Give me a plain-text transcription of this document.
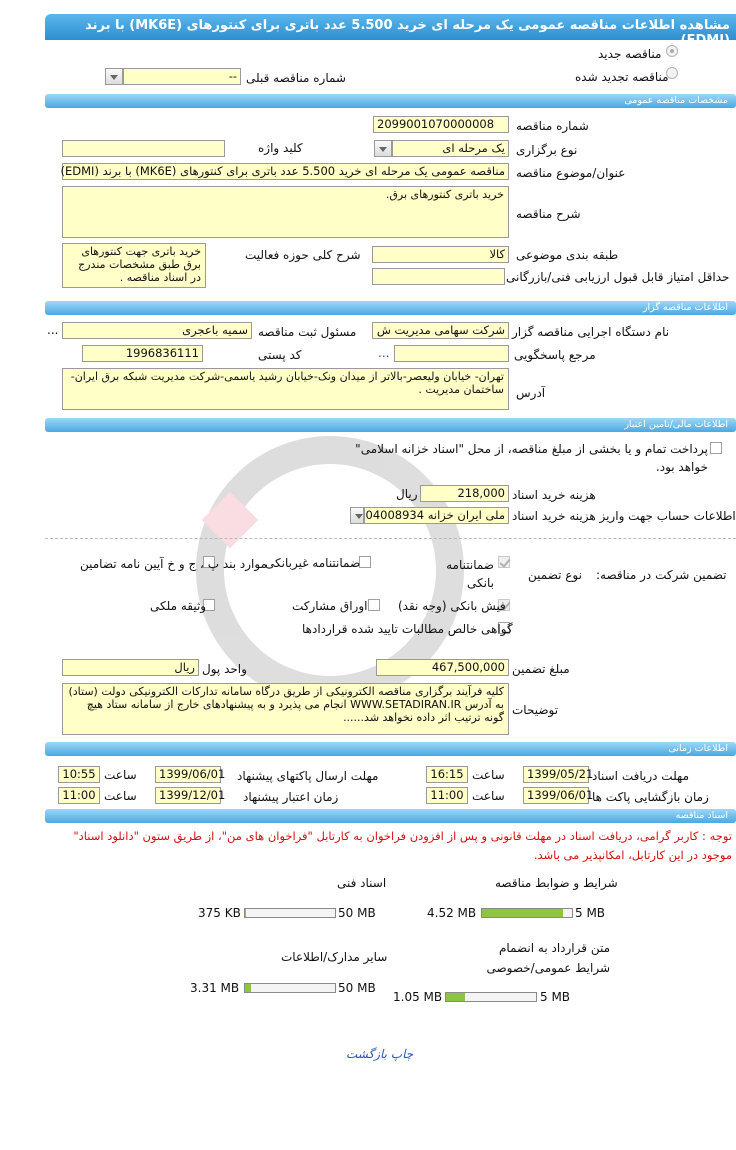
مشاهده اطلاعات مناقصه عمومی یک مرحله ای خرید 5.500 عدد باتری برای کنتورهای (MK6E) با برند (EDMI)
مناقصه جدید
مناقصه تجدید شده
شماره مناقصه قبلی
--
مشخصات مناقصه عمومی
شماره مناقصه
2099001070000008
نوع برگزاری
یک مرحله ای
کلید واژه
عنوان/موضوع مناقصه
مناقصه عمومی یک مرحله ای خرید 5.500 عدد باتری برای کنتورهای (MK6E) با برند (EDMI)
شرح مناقصه
خرید باتری کنتورهای برق.
طبقه بندی موضوعی
کالا
شرح کلی حوزه فعالیت
خرید باتری جهت کنتورهای برق طبق مشخصات مندرج در اسناد مناقصه .	حداقل امتیاز قابل قبول ارزیابی فنی/بازرگانی
اطلاعات مناقصه گزار
نام دستگاه اجرایی مناقصه گزار
شرکت سهامی مدیریت ش
مسئول ثبت مناقصه
سمیه باعجری
...
مرجع پاسخگویی
...
کد پستی
1996836111
آدرس
تهران- خیابان ولیعصر-بالاتر از میدان ونک-خیابان رشید یاسمی-شرکت مدیریت شبکه برق ایران-ساختمان مدیریت .
اطلاعات مالی/تامین اعتبار
پرداخت تمام و یا بخشی از مبلغ مناقصه، از محل "اسناد خزانه اسلامی" خواهد بود.
هزینه خرید اسناد
218,000
ریال
اطلاعات حساب جهت واریز هزینه خرید اسناد
ملی ایران خزانه 04008934
تضمین شرکت در مناقصه:
نوع تضمین
ضمانتنامه بانکی
ضمانتنامه غیربانکی
موارد بند پ ، ج و خ آیین نامه تضامین
فیش بانکی (وجه نقد)
اوراق مشارکت
وثیقه ملکی
گواهی خالص مطالبات تایید شده قراردادها
مبلغ تضمین
467,500,000
واحد پول
ریال
توضیحات
کلیه فرآیند برگزاری مناقصه الکترونیکی از طریق درگاه سامانه تدارکات الکترونیکی دولت (ستاد) به آدرس WWW.SETADIRAN.IR انجام می پذیرد و به پیشنهادهای خارج از سامانه ستاد هیچ گونه ترتیب اثر داده نخواهد شد......
اطلاعات زمانی
مهلت دریافت اسناد
1399/05/21
ساعت
16:15
مهلت ارسال پاکتهای پیشنهاد
1399/06/01
ساعت
10:55
زمان بازگشایی پاکت ها
1399/06/01
ساعت
11:00
زمان اعتبار پیشنهاد
1399/12/01
ساعت
11:00
اسناد مناقصه
توجه : کاربر گرامی، دریافت اسناد در مهلت قانونی و پس از افزودن فراخوان به کارتابل "فراخوان های من"، از طریق ستون "دانلود اسناد" موجود در این کارتابل، امکانپذیر می باشد.
شرایط و ضوابط مناقصه
5 MB
4.52 MB
اسناد فنی
50 MB
375 KB
متن قرارداد به انضمام شرایط عمومی/خصوصی
5 MB
1.05 MB
سایر مدارک/اطلاعات
50 MB
3.31 MB
چاپ بازگشت
